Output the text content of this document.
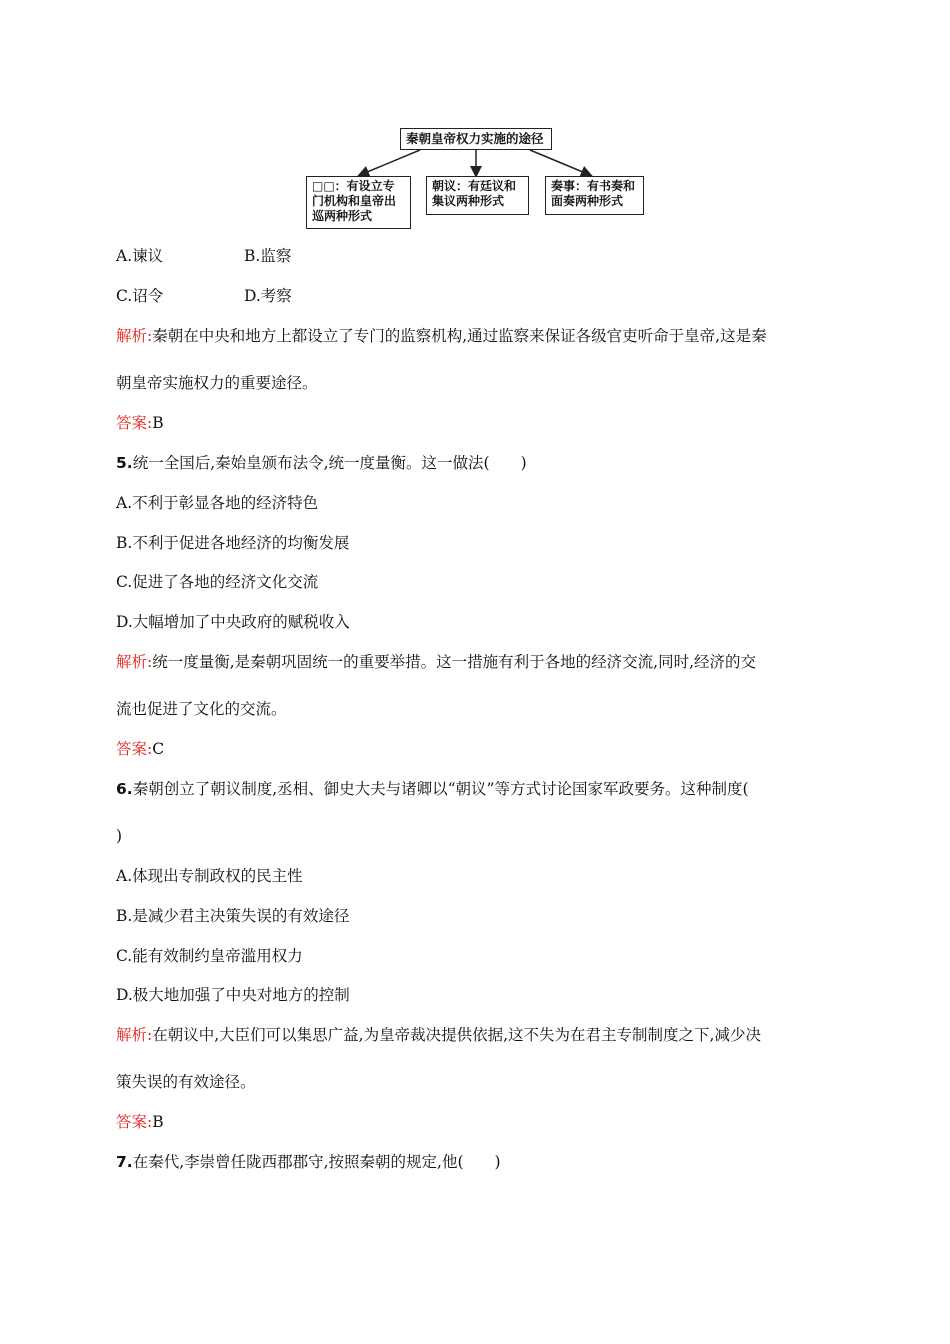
秦朝皇帝权力实施的途径
□□：有设立专门机构和皇帝出巡两种形式
朝议：有廷议和集议两种形式
奏事：有书奏和面奏两种形式
A.谏议	B.监察
C.诏令	D.考察
解析:秦朝在中央和地方上都设立了专门的监察机构,通过监察来保证各级官吏听命于皇帝,这是秦
朝皇帝实施权力的重要途径。
答案:B
5.统一全国后,秦始皇颁布法令,统一度量衡。这一做法(　　)
A.不利于彰显各地的经济特色
B.不利于促进各地经济的均衡发展
C.促进了各地的经济文化交流
D.大幅增加了中央政府的赋税收入
解析:统一度量衡,是秦朝巩固统一的重要举措。这一措施有利于各地的经济交流,同时,经济的交
流也促进了文化的交流。
答案:C
6.秦朝创立了朝议制度,丞相、御史大夫与诸卿以“朝议”等方式讨论国家军政要务。这种制度(
)
A.体现出专制政权的民主性
B.是减少君主决策失误的有效途径
C.能有效制约皇帝滥用权力
D.极大地加强了中央对地方的控制
解析:在朝议中,大臣们可以集思广益,为皇帝裁决提供依据,这不失为在君主专制制度之下,减少决
策失误的有效途径。
答案:B
7.在秦代,李崇曾任陇西郡郡守,按照秦朝的规定,他(　　)
